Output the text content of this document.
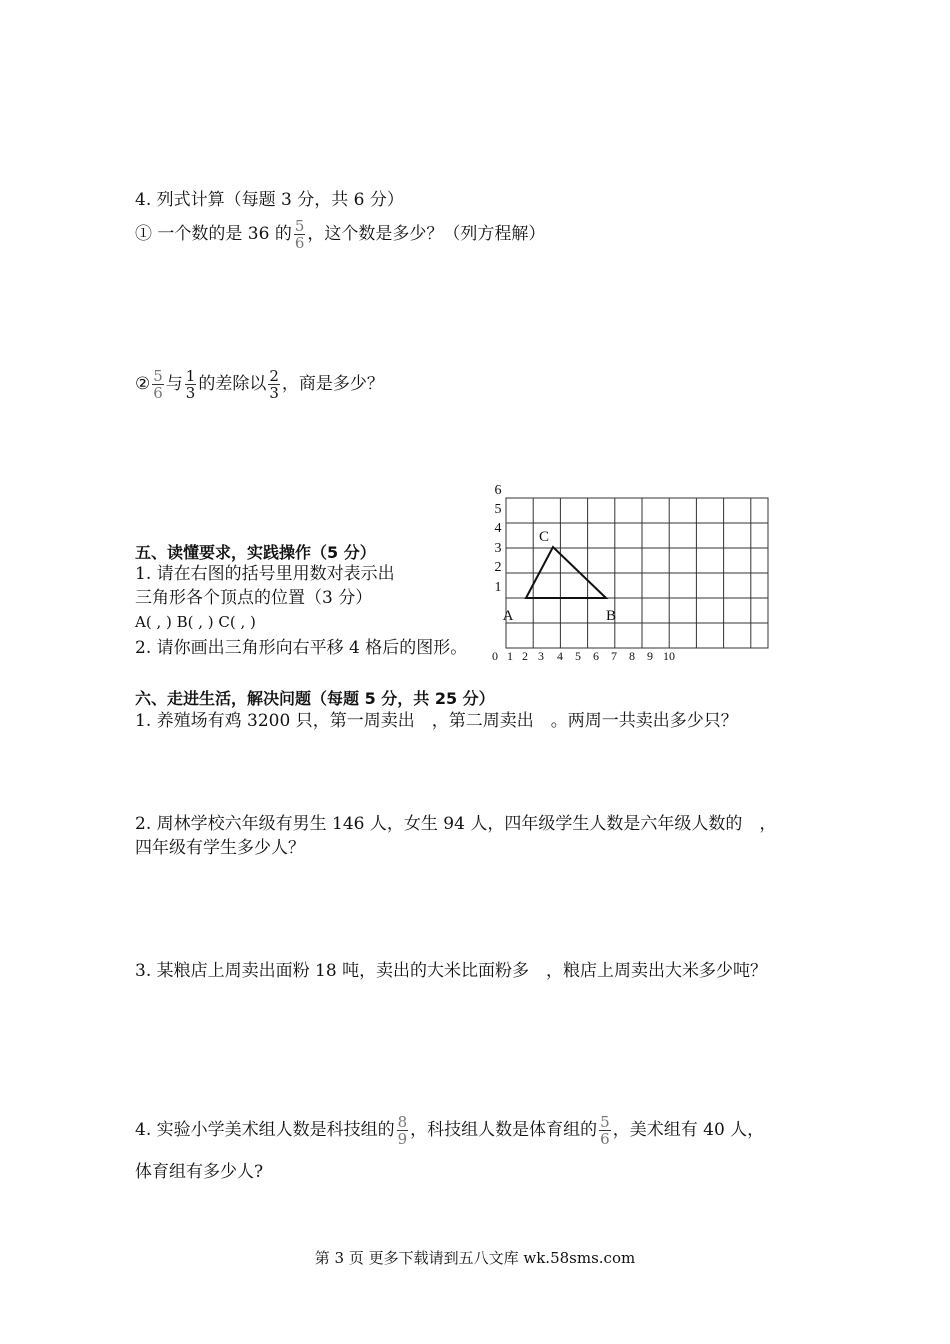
4. 列式计算（每题 3 分，共 6 分）
① 一个数的是 36 的 $\frac{5}{6}$ ，这个数是多少？（列方程解）
② $\frac{5}{6}$ 与 $\frac{1}{3}$ 的差除以 $\frac{2}{3}$ ，商是多少？
五、读懂要求，实践操作（5 分）
1. 请在右图的括号里用数对表示出
三角形各个顶点的位置（3 分）
A( , ) B( , ) C( , )
2. 请你画出三角形向右平移 4 格后的图形。
6
5
4
3
2
1
0 1 2 3 4 5 6 7 8 9 10
A	B
C
六、走进生活，解决问题（每题 5 分，共 25 分）
1. 养殖场有鸡 3200 只，第一周卖出　，第二周卖出　。两周一共卖出多少只？
2. 周林学校六年级有男生 146 人，女生 94 人，四年级学生人数是六年级人数的　，
四年级有学生多少人？
3. 某粮店上周卖出面粉 18 吨，卖出的大米比面粉多　，粮店上周卖出大米多少吨？
4. 实验小学美术组人数是科技组的 $\frac{8}{9}$ ，科技组人数是体育组的 $\frac{5}{6}$ ，美术组有 40 人，
体育组有多少人?
第 3 页 更多下载请到五八文库 wk.58sms.com
